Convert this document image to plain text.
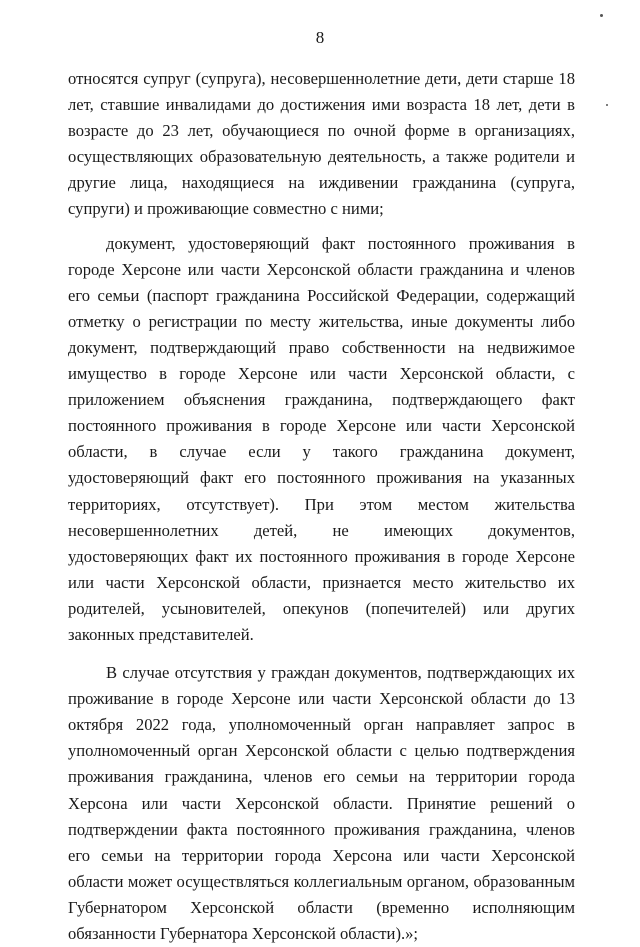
8

относятся супруг (супруга), несовершеннолетние дети, дети старше 18 лет, ставшие инвалидами до достижения ими возраста 18 лет, дети в возрасте до 23 лет, обучающиеся по очной форме в организациях, осуществляющих образовательную деятельность, а также родители и другие лица, находящиеся на иждивении гражданина (супруга, супруги) и проживающие совместно с ними;

документ, удостоверяющий факт постоянного проживания в городе Херсоне или части Херсонской области гражданина и членов его семьи (паспорт гражданина Российской Федерации, содержащий отметку о регистрации по месту жительства, иные документы либо документ, подтверждающий право собственности на недвижимое имущество в городе Херсоне или части Херсонской области, с приложением объяснения гражданина, подтверждающего факт постоянного проживания в городе Херсоне или части Херсонской области, в случае если у такого гражданина документ, удостоверяющий факт его постоянного проживания на указанных территориях, отсутствует). При этом местом жительства несовершеннолетних детей, не имеющих документов, удостоверяющих факт их постоянного проживания в городе Херсоне или части Херсонской области, признается место жительство их родителей, усыновителей, опекунов (попечителей) или других законных представителей.

В случае отсутствия у граждан документов, подтверждающих их проживание в городе Херсоне или части Херсонской области до 13 октября 2022 года, уполномоченный орган направляет запрос в уполномоченный орган Херсонской области с целью подтверждения проживания гражданина, членов его семьи на территории города Херсона или части Херсонской области. Принятие решений о подтверждении факта постоянного проживания гражданина, членов его семьи на территории города Херсона или части Херсонской области может осуществляться коллегиальным органом, образованным Губернатором Херсонской области (временно исполняющим обязанности Губернатора Херсонской области).»;
